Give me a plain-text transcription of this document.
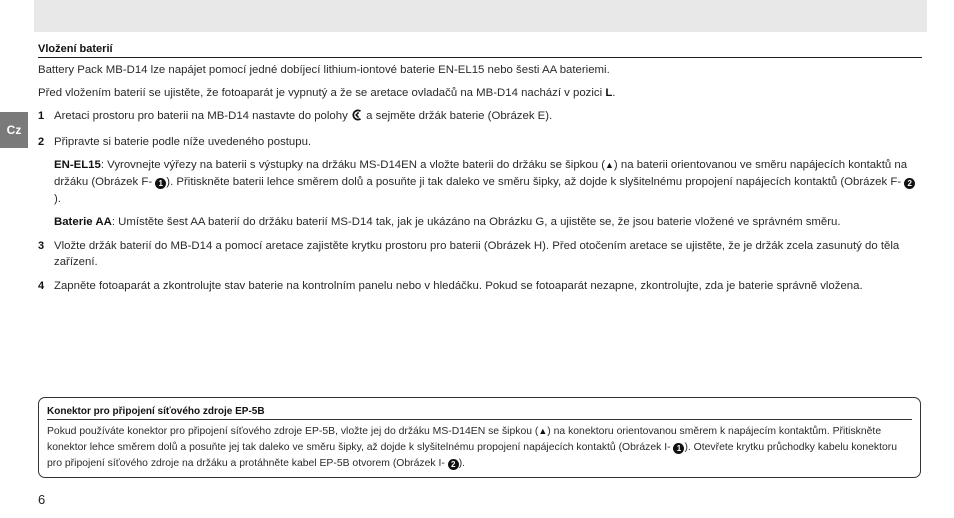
Cz
Vložení baterií

Battery Pack MB-D14 lze napájet pomocí jedné dobíjecí lithium-iontové baterie EN-EL15 nebo šesti AA bateriemi.

Před vložením baterií se ujistěte, že fotoaparát je vypnutý a že se aretace ovladačů na MB-D14 nachází v pozici L.

1 Aretaci prostoru pro baterii na MB-D14 nastavte do polohy  a sejměte držák baterie (Obrázek E).
2 Připravte si baterie podle níže uvedeného postupu.

EN-EL15: Vyrovnejte výřezy na baterii s výstupky na držáku MS-D14EN a vložte baterii do držáku se šipkou (▲) na baterii orientovanou ve směru napájecích kontaktů na držáku (Obrázek F- 1 ). Přitiskněte baterii lehce směrem dolů a posuňte ji tak daleko ve směru šipky, až dojde k slyšitelnému propojení napájecích kontaktů (Obrázek F- 2).

Baterie AA: Umístěte šest AA baterií do držáku baterií MS-D14 tak, jak je ukázáno na Obrázku G, a ujistěte se, že jsou baterie vložené ve správném směru.

3 Vložte držák baterií do MB-D14 a pomocí aretace zajistěte krytku prostoru pro baterii (Obrázek H). Před otočením aretace se ujistěte, že je držák zcela zasunutý do těla zařízení.
4 Zapněte fotoaparát a zkontrolujte stav baterie na kontrolním panelu nebo v hledáčku. Pokud se fotoaparát nezapne, zkontrolujte, zda je baterie správně vložena.
Konektor pro připojení síťového zdroje EP-5B

Pokud používáte konektor pro připojení síťového zdroje EP-5B, vložte jej do držáku MS-D14EN se šipkou (▲) na konektoru orientovanou směrem k napájecím kontaktům. Přitiskněte konektor lehce směrem dolů a posuňte jej tak daleko ve směru šipky, až dojde k slyšitelnému propojení napájecích kontaktů (Obrázek I- 1 ). Otevřete krytku průchodky kabelu konektoru pro připojení síťového zdroje na držáku a protáhněte kabel EP-5B otvorem (Obrázek I- 2 ).

6
